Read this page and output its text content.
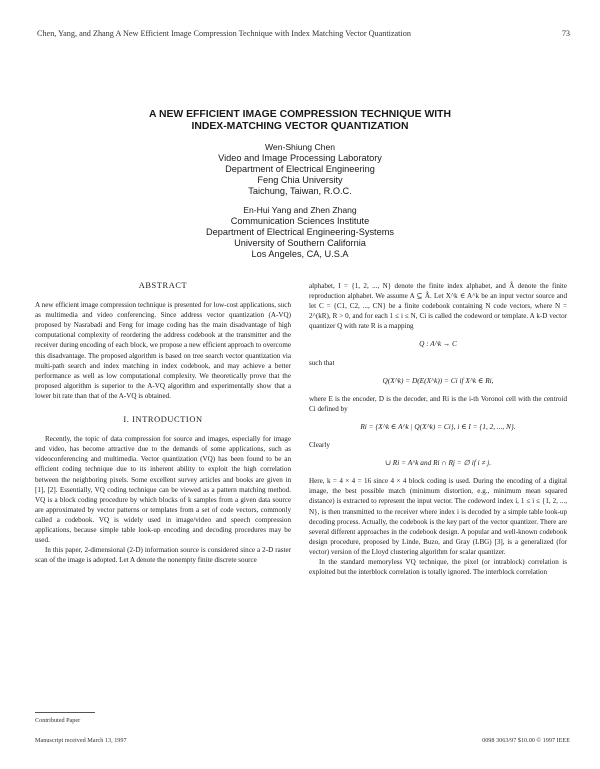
Chen, Yang, and Zhang A New Efficient Image Compression Technique with Index Matching Vector Quantization	73

A NEW EFFICIENT IMAGE COMPRESSION TECHNIQUE WITH
INDEX-MATCHING VECTOR QUANTIZATION

Wen-Shiung Chen
Video and Image Processing Laboratory
Department of Electrical Engineering
Feng Chia University
Taichung, Taiwan, R.O.C.
En-Hui Yang and Zhen Zhang
Communication Sciences Institute
Department of Electrical Engineering-Systems
University of Southern California
Los Angeles, CA, U.S.A
ABSTRACT

A new efficient image compression technique is presented for low-cost applications, such as multimedia and video conferencing. Since address vector quantization (A-VQ) proposed by Nasrabadi and Feng for image coding has the main disadvantage of high computational complexity of reordering the address codebook at the transmitter and the receiver during encoding of each block, we propose a new efficient approach to overcome this disadvantage. The proposed algorithm is based on tree search vector quantization via multi-path search and index matching in index codebook, and may achieve a better performance as well as low computational complexity. We theoretically prove that the proposed algorithm is superior to the A-VQ algorithm and experimentally show that a lower bit rate than that of the A-VQ is obtained.

I. INTRODUCTION

Recently, the topic of data compression for source and images, especially for image and video, has become attractive due to the demands of some applications, such as videoconferencing and multimedia. Vector quantization (VQ) has been found to be an efficient coding technique due to its inherent ability to exploit the high correlation between the neighboring pixels. Some excellent survey articles and books are given in [1], [2]. Essentially, VQ coding technique can be viewed as a pattern matching method. VQ is a block coding procedure by which blocks of k samples from a given data source are approximated by vector patterns or templates from a set of code vectors, commonly called a codebook. VQ is widely used in image/video and speech compression applications, because simple table look-up encoding and decoding procedures may be used.

In this paper, 2-dimensional (2-D) information source is considered since a 2-D raster scan of the image is adopted. Let A denote the nonempty finite discrete source

alphabet, I = {1, 2, ..., N} denote the finite index alphabet, and Â denote the finite reproduction alphabet. We assume A ⊆ Â. Let X^k ∈ A^k be an input vector source and let C = {C1, C2, ..., CN} be a finite codebook containing N code vectors, where N = 2^(kR), R > 0, and for each 1 ≤ i ≤ N, Ci is called the codeword or template. A k-D vector quantizer Q with rate R is a mapping

Q : A^k → C

such that

Q(X^k) = D(E(X^k)) = Ci if X^k ∈ Ri,

where E is the encoder, D is the decoder, and Ri is the i-th Voronoi cell with the centroid Ci defined by

Ri = {X^k ∈ A^k | Q(X^k) = Ci}, i ∈ I = {1, 2, ..., N}.

Clearly

∪ Ri = A^k and Ri ∩ Rj = ∅ if i ≠ j.

Here, k = 4 × 4 = 16 since 4 × 4 block coding is used. During the encoding of a digital image, the best possible match (minimum distortion, e.g., minimum mean squared distance) is extracted to represent the input vector. The codeword index i, 1 ≤ i ≤ {1, 2, ..., N}, is then transmitted to the receiver where index i is decoded by a simple table look-up decoding process. Actually, the codebook is the key part of the vector quantizer. There are several different approaches in the codebook design. A popular and well-known codebook design procedure, proposed by Linde, Buzo, and Gray (LBG) [3], is a generalized (for vector) version of the Lloyd clustering algorithm for scalar quantizer.

In the standard memoryless VQ technique, the pixel (or intrablock) correlation is exploited but the interblock correlation is totally ignored. The interblock correlation

Contributed Paper
Manuscript received March 13, 1997	0098 3063/97 $10.00 © 1997 IEEE
